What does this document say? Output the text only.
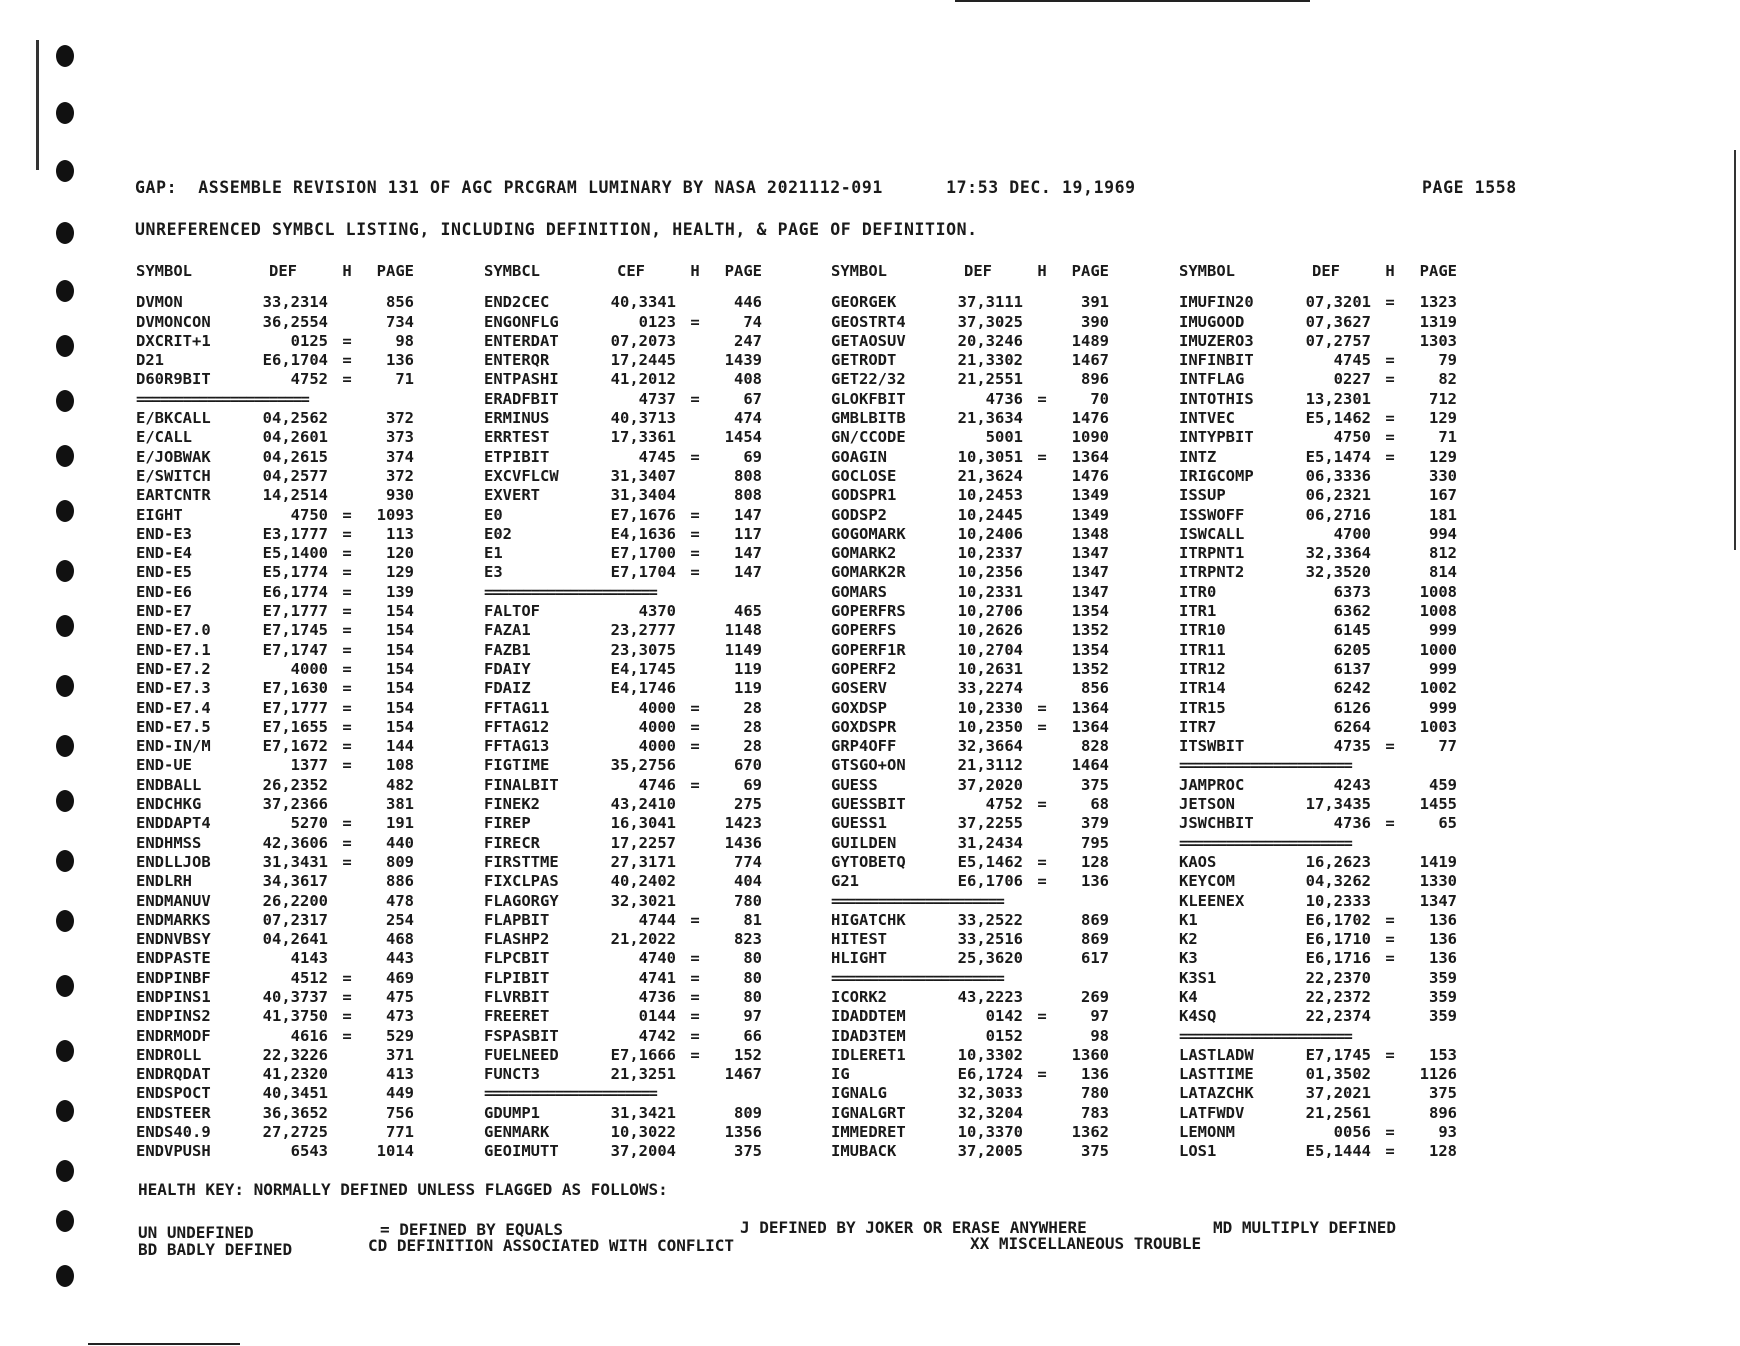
GAP:  ASSEMBLE REVISION 131 OF AGC PRCGRAM LUMINARY BY NASA 2021112-091      17:53 DEC. 19,1969	PAGE 1558
UNREFERENCED SYMBCL LISTING, INCLUDING DEFINITION, HEALTH, & PAGE OF DEFINITION.
SYMBOL	DEF	H	PAGE
DVMON	33,2314	856
DVMONCON	36,2554	734
DXCRIT+1	0125 =	98
D21	E6,1704 =	136
D60R9BIT	4752 =	71
======================
E/BKCALL	04,2562	372
E/CALL	04,2601	373
E/JOBWAK	04,2615	374
E/SWITCH	04,2577	372
EARTCNTR	14,2514	930
EIGHT	4750 =	1093
END-E3	E3,1777 =	113
END-E4	E5,1400 =	120
END-E5	E5,1774 =	129
END-E6	E6,1774 =	139
END-E7	E7,1777 =	154
END-E7.0	E7,1745 =	154
END-E7.1	E7,1747 =	154
END-E7.2	4000 =	154
END-E7.3	E7,1630 =	154
END-E7.4	E7,1777 =	154
END-E7.5	E7,1655 =	154
END-IN/M	E7,1672 =	144
END-UE	1377 =	108
ENDBALL	26,2352	482
ENDCHKG	37,2366	381
ENDDAPT4	5270 =	191
ENDHMSS	42,3606 =	440
ENDLLJOB	31,3431 =	809
ENDLRH	34,3617	886
ENDMANUV	26,2200	478
ENDMARKS	07,2317	254
ENDNVBSY	04,2641	468
ENDPASTE	4143	443
ENDPINBF	4512 =	469
ENDPINS1	40,3737 =	475
ENDPINS2	41,3750 =	473
ENDRMODF	4616 =	529
ENDROLL	22,3226	371
ENDRQDAT	41,2320	413
ENDSPOCT	40,3451	449
ENDSTEER	36,3652	756
ENDS40.9	27,2725	771
ENDVPUSH	6543	1014
SYMBCL	CEF	H	PAGE
END2CEC	40,3341	446
ENGONFLG	0123 =	74
ENTERDAT	07,2073	247
ENTERQR	17,2445	1439
ENTPASHI	41,2012	408
ERADFBIT	4737 =	67
ERMINUS	40,3713	474
ERRTEST	17,3361	1454
ETPIBIT	4745 =	69
EXCVFLCW	31,3407	808
EXVERT	31,3404	808
E0	E7,1676 =	147
E02	E4,1636 =	117
E1	E7,1700 =	147
E3	E7,1704 =	147
======================
FALTOF	4370	465
FAZA1	23,2777	1148
FAZB1	23,3075	1149
FDAIY	E4,1745	119
FDAIZ	E4,1746	119
FFTAG11	4000 =	28
FFTAG12	4000 =	28
FFTAG13	4000 =	28
FIGTIME	35,2756	670
FINALBIT	4746 =	69
FINEK2	43,2410	275
FIREP	16,3041	1423
FIRECR	17,2257	1436
FIRSTTME	27,3171	774
FIXCLPAS	40,2402	404
FLAGORGY	32,3021	780
FLAPBIT	4744 =	81
FLASHP2	21,2022	823
FLPCBIT	4740 =	80
FLPIBIT	4741 =	80
FLVRBIT	4736 =	80
FREERET	0144 =	97
FSPASBIT	4742 =	66
FUELNEED	E7,1666 =	152
FUNCT3	21,3251	1467
======================
GDUMP1	31,3421	809
GENMARK	10,3022	1356
GEOIMUTT	37,2004	375
SYMBOL	DEF	H	PAGE
GEORGEK	37,3111	391
GEOSTRT4	37,3025	390
GETAOSUV	20,3246	1489
GETRODT	21,3302	1467
GET22/32	21,2551	896
GLOKFBIT	4736 =	70
GMBLBITB	21,3634	1476
GN/CCODE	5001	1090
GOAGIN	10,3051 =	1364
GOCLOSE	21,3624	1476
GODSPR1	10,2453	1349
GODSP2	10,2445	1349
GOGOMARK	10,2406	1348
GOMARK2	10,2337	1347
GOMARK2R	10,2356	1347
GOMARS	10,2331	1347
GOPERFRS	10,2706	1354
GOPERFS	10,2626	1352
GOPERF1R	10,2704	1354
GOPERF2	10,2631	1352
GOSERV	33,2274	856
GOXDSP	10,2330 =	1364
GOXDSPR	10,2350 =	1364
GRP4OFF	32,3664	828
GTSGO+ON	21,3112	1464
GUESS	37,2020	375
GUESSBIT	4752 =	68
GUESS1	37,2255	379
GUILDEN	31,2434	795
GYTOBETQ	E5,1462 =	128
G21	E6,1706 =	136
======================
HIGATCHK	33,2522	869
HITEST	33,2516	869
HLIGHT	25,3620	617
======================
ICORK2	43,2223	269
IDADDTEM	0142 =	97
IDAD3TEM	0152	98
IDLERET1	10,3302	1360
IG	E6,1724 =	136
IGNALG	32,3033	780
IGNALGRT	32,3204	783
IMMEDRET	10,3370	1362
IMUBACK	37,2005	375
SYMBOL	DEF	H	PAGE
IMUFIN20	07,3201 =	1323
IMUGOOD	07,3627	1319
IMUZERO3	07,2757	1303
INFINBIT	4745 =	79
INTFLAG	0227 =	82
INTOTHIS	13,2301	712
INTVEC	E5,1462 =	129
INTYPBIT	4750 =	71
INTZ	E5,1474 =	129
IRIGCOMP	06,3336	330
ISSUP	06,2321	167
ISSWOFF	06,2716	181
ISWCALL	4700	994
ITRPNT1	32,3364	812
ITRPNT2	32,3520	814
ITR0	6373	1008
ITR1	6362	1008
ITR10	6145	999
ITR11	6205	1000
ITR12	6137	999
ITR14	6242	1002
ITR15	6126	999
ITR7	6264	1003
ITSWBIT	4735 =	77
======================
JAMPROC	4243	459
JETSON	17,3435	1455
JSWCHBIT	4736 =	65
======================
KAOS	16,2623	1419
KEYCOM	04,3262	1330
KLEENEX	10,2333	1347
K1	E6,1702 =	136
K2	E6,1710 =	136
K3	E6,1716 =	136
K3S1	22,2370	359
K4	22,2372	359
K4SQ	22,2374	359
======================
LASTLADW	E7,1745 =	153
LASTTIME	01,3502	1126
LATAZCHK	37,2021	375
LATFWDV	21,2561	896
LEMONM	0056 =	93
LOS1	E5,1444 =	128
HEALTH KEY: NORMALLY DEFINED UNLESS FLAGGED AS FOLLOWS:
UN UNDEFINED	= DEFINED BY EQUALS	J DEFINED BY JOKER OR ERASE ANYWHERE	MD MULTIPLY DEFINED
BD BADLY DEFINED	CD DEFINITION ASSOCIATED WITH CONFLICT	XX MISCELLANEOUS TROUBLE
